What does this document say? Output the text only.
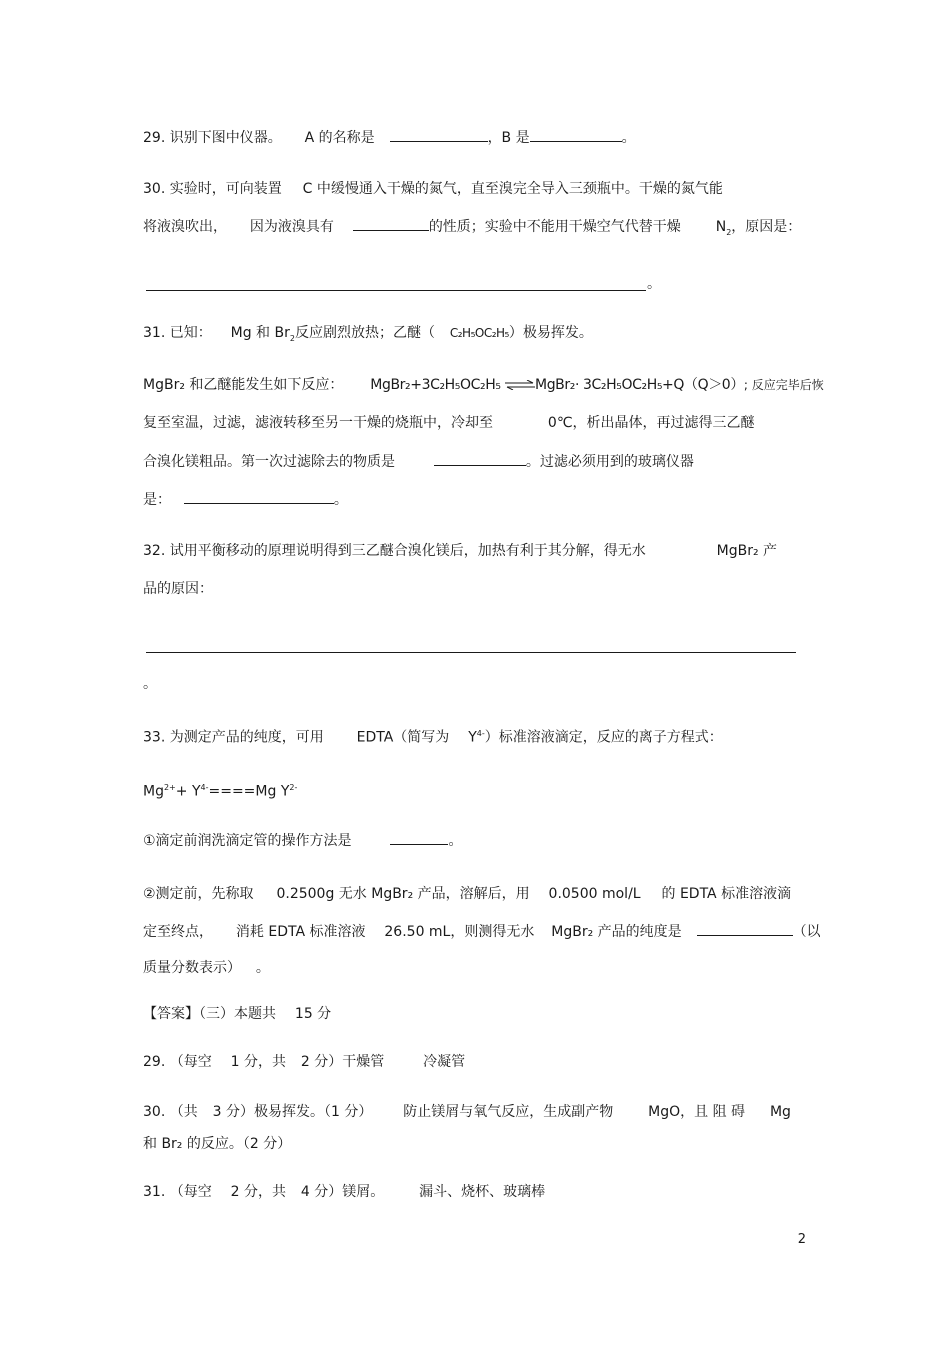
29. 识别下图中仪器。 A 的名称是	，B 是	。
30. 实验时，可向装置 C 中缓慢通入干燥的氮气，直至溴完全导入三颈瓶中。干燥的氮气能
将液溴吹出， 因为液溴具有	的性质；实验中不能用干燥空气代替干燥 $N_2$，原因是：
。
31. 已知： Mg 和 $Br_2$反应剧烈放热；乙醚（ C₂H₅OC₂H₅）极易挥发。
MgBr₂ 和乙醚能发生如下反应： MgBr₂+3C₂H₅OC₂H₅ ⇌MgBr₂· 3C₂H₅OC₂H₅+Q（Q＞0）; 反应完毕后恢
复至室温，过滤，滤液转移至另一干燥的烧瓶中，冷却至	0℃，析出晶体，再过滤得三乙醚
合溴化镁粗品。第一次过滤除去的物质是	。过滤必须用到的玻璃仪器
是：	。
32. 试用平衡移动的原理说明得到三乙醚合溴化镁后，加热有利于其分解，得无水	MgBr₂ 产
品的原因：
。
33. 为测定产品的纯度，可用 EDTA（简写为 $Y^{4-}$）标准溶液滴定，反应的离子方程式：
$Mg^{2+}+ Y^{4-}====Mg$ $Y^{2-}$
①滴定前润洗滴定管的操作方法是	。
②测定前，先称取 0.2500g 无水 MgBr₂ 产品，溶解后，用 0.0500 mol/L 的 EDTA 标准溶液滴
定至终点， 消耗 EDTA 标准溶液 26.50 mL，则测得无水 MgBr₂ 产品的纯度是	（以
质量分数表示） 。
【答案】（三）本题共 15 分
29. （每空 1 分，共 2 分）干燥管	冷凝管
30. （共 3 分）极易挥发。（1 分） 防止镁屑与氧气反应，生成副产物 MgO，且 阻 碍 Mg
和 Br₂ 的反应。（2 分）
31. （每空 2 分，共 4 分）镁屑。 漏斗、烧杯、玻璃棒
2
